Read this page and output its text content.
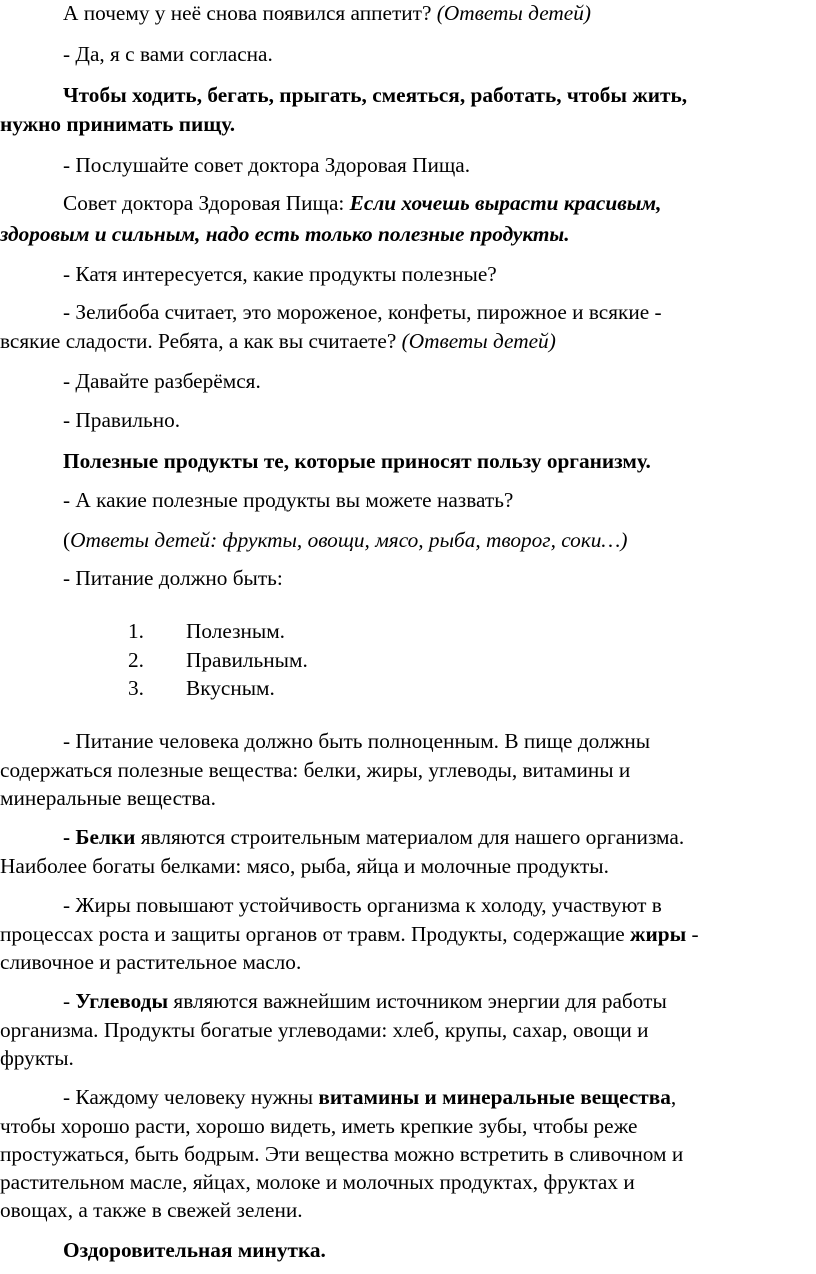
А почему у неё снова появился аппетит? (Ответы детей)
- Да, я с вами согласна.
Чтобы ходить, бегать, прыгать, смеяться, работать, чтобы жить,
нужно принимать пищу.
- Послушайте совет доктора Здоровая Пища.
Совет доктора Здоровая Пища: Если хочешь вырасти красивым,
здоровым и сильным, надо есть только полезные продукты.
- Катя интересуется, какие продукты полезные?
- Зелибоба считает, это мороженое, конфеты, пирожное и всякие -
всякие сладости. Ребята, а как вы считаете? (Ответы детей)
- Давайте разберёмся.
- Правильно.
Полезные продукты те, которые приносят пользу организму.
- А какие полезные продукты вы можете назвать?
(Ответы детей: фрукты, овощи, мясо, рыба, творог, соки…)
- Питание должно быть:
1. Полезным.
2. Правильным.
3. Вкусным.
- Питание человека должно быть полноценным. В пище должны
содержаться полезные вещества: белки, жиры, углеводы, витамины и
минеральные вещества.
- Белки являются строительным материалом для нашего организма.
Наиболее богаты белками: мясо, рыба, яйца и молочные продукты.
- Жиры повышают устойчивость организма к холоду, участвуют в
процессах роста и защиты органов от травм. Продукты, содержащие жиры -
сливочное и растительное масло.
- Углеводы являются важнейшим источником энергии для работы
организма. Продукты богатые углеводами: хлеб, крупы, сахар, овощи и
фрукты.
- Каждому человеку нужны витамины и минеральные вещества,
чтобы хорошо расти, хорошо видеть, иметь крепкие зубы, чтобы реже
простужаться, быть бодрым. Эти вещества можно встретить в сливочном и
растительном масле, яйцах, молоке и молочных продуктах, фруктах и
овощах, а также в свежей зелени.
Оздоровительная минутка.
